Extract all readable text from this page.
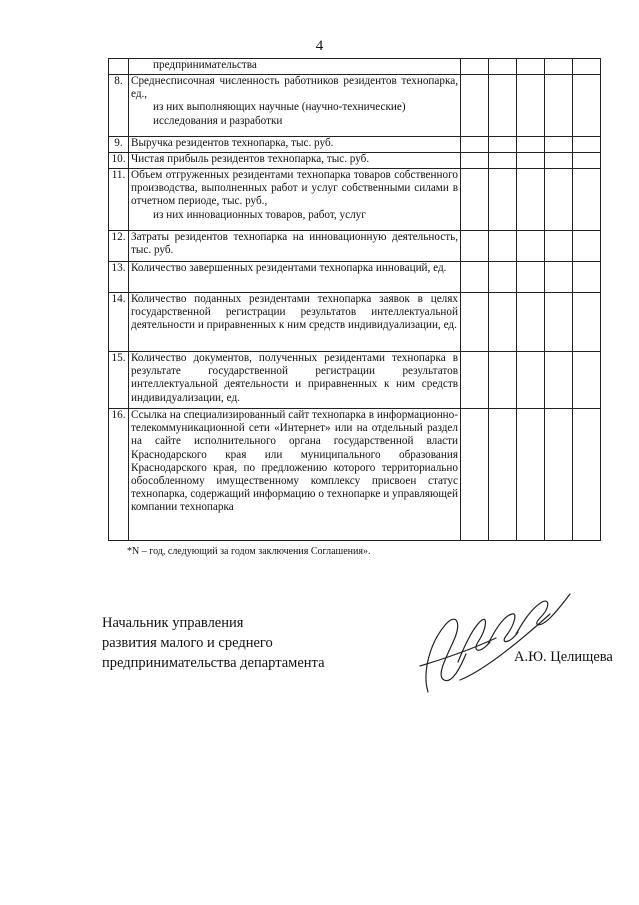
4

	предпринимательства					

8.	Среднесписочная численность работников резидентов технопарка, ед.,
из них выполняющих научные (научно-технические) исследования и разработки					

9.	Выручка резидентов технопарка, тыс. руб.					
10.	Чистая прибыль резидентов технопарка, тыс. руб.					
11.	Объем отгруженных резидентами технопарка товаров собственного производства, выполненных работ и услуг собственными силами в отчетном периоде, тыс. руб.,
из них инновационных товаров, работ, услуг					

12.	Затраты резидентов технопарка на инновационную деятельность, тыс. руб.					
13.	Количество завершенных резидентами технопарка инноваций, ед.					
14.	Количество поданных резидентами технопарка заявок в целях государственной регистрации результатов интеллектуальной деятельности и приравненных к ним средств индивидуализации, ед.					
15.	Количество документов, полученных резидентами технопарка в результате государственной регистрации результатов интеллектуальной деятельности и приравненных к ним средств индивидуализации, ед.					
16.	Ссылка на специализированный сайт технопарка в информационно-телекоммуникационной сети «Интернет» или на отдельный раздел на сайте исполнительного органа государственной власти Краснодарского края или муниципального образования Краснодарского края, по предложению которого территориально обособленному имущественному комплексу присвоен статус технопарка, содержащий информацию о технопарке и управляющей компании технопарка					
*N – год, следующий за годом заключения Соглашения».
Начальник управления
развития малого и среднего
предпринимательства департамента	А.Ю. Целищева
